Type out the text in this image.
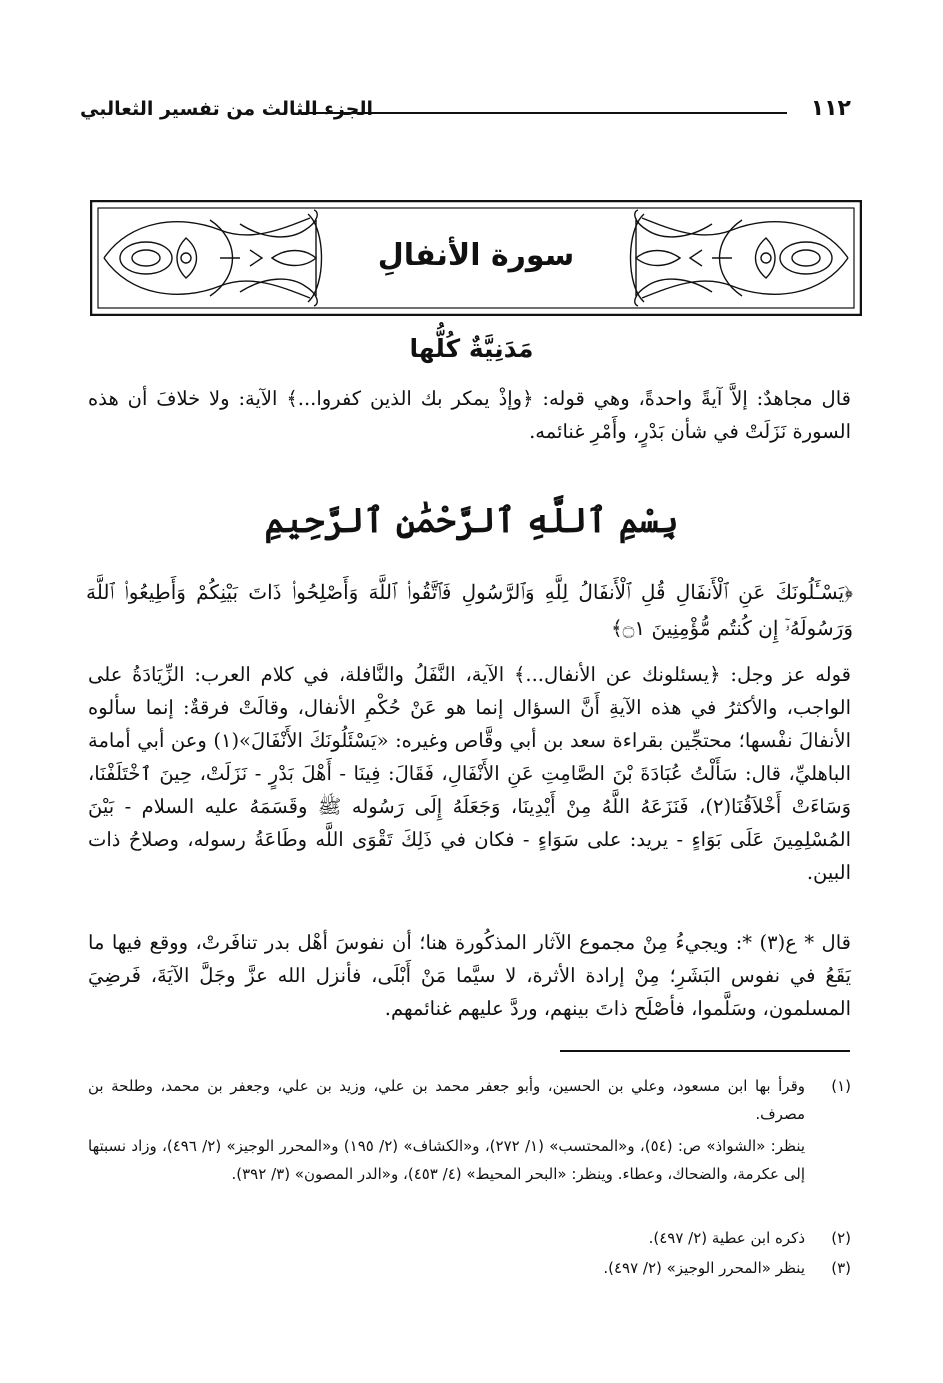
١١٢
الجزء الثالث من تفسير الثعالبي
سورة الأنفالِ
مَدَنِيَّةٌ كُلُّها

قال مجاهدٌ: إلاَّ آيةً واحدةً، وهي قوله: ﴿وإذْ يمكر بك الذين كفروا...﴾ الآية: ولا خلافَ أن هذه السورة نَزَلَتْ في شأن بَدْرٍ، وأَمْرِ غنائمه.

بِسْمِ ٱللَّهِ ٱلرَّحْمَٰنِ ٱلرَّحِيمِ

﴿يَسْـَٔلُونَكَ عَنِ ٱلْأَنفَالِ قُلِ ٱلْأَنفَالُ لِلَّهِ وَٱلرَّسُولِ فَٱتَّقُوا۟ ٱللَّهَ وَأَصْلِحُوا۟ ذَاتَ بَيْنِكُمْ وَأَطِيعُوا۟ ٱللَّهَ وَرَسُولَهُۥٓ إِن كُنتُم مُّؤْمِنِينَ ۝١﴾

قوله عز وجل: ﴿يسئلونك عن الأنفال...﴾ الآية، النَّفَلُ والنَّافلة، في كلام العرب: الزِّيَادَةُ على الواجب، والأكثرُ في هذه الآيةِ أَنَّ السؤال إنما هو عَنْ حُكْمِ الأنفال، وقالَتْ فرقةٌ: إنما سألوه الأنفالَ نفْسها؛ محتجِّين بقراءة سعد بن أبي وقَّاص وغيره: «يَسْئَلُونَكَ الأَنْفَالَ»(١) وعن أبي أمامة الباهليِّ، قال: سَأَلْتُ عُبَادَةَ بْنَ الصَّامِتِ عَنِ الأَنْفَالِ، فَقَالَ: فِينَا - أَهْلَ بَدْرٍ - نَزَلَتْ، حِينَ ٱخْتَلَفْنَا، وَسَاءَتْ أَخْلاَقُنَا(٢)، فَنَزَعَهُ اللَّهُ مِنْ أَيْدِينَا، وَجَعَلَهُ إِلَى رَسُوله ﷺ وقَسَمَهُ عليه السلام - بَيْنَ المُسْلِمِينَ عَلَى بَوَاءٍ - يريد: على سَوَاءٍ - فكان في ذَلِكَ تَقْوَى اللَّه وطَاعَةُ رسوله، وصلاحُ ذات البين.

قال * ع(٣) *: ويجيءُ مِنْ مجموع الآثار المذكُورة هنا؛ أن نفوسَ أهْل بدر تنافَرتْ، ووقع فيها ما يَقَعُ في نفوس البَشَرِ؛ مِنْ إرادة الأثرة، لا سيَّما مَنْ أَبْلَى، فأنزل الله عزَّ وجَلَّ الآيَةَ، فَرضِيَ المسلمون، وسَلَّموا، فأصْلَح ذاتَ بينهم، وردَّ عليهم غنائمهم.

(١)
وقرأ بها ابن مسعود، وعلي بن الحسين، وأبو جعفر محمد بن علي، وزيد بن علي، وجعفر بن محمد، وطلحة بن مصرف.
ينظر: «الشواذ» ص: (٥٤)، و«المحتسب» (١/ ٢٧٢)، و«الكشاف» (٢/ ١٩٥) و«المحرر الوجيز» (٢/ ٤٩٦)، وزاد نسبتها إلى عكرمة، والضحاك، وعطاء. وينظر: «البحر المحيط» (٤/ ٤٥٣)، و«الدر المصون» (٣/ ٣٩٢).
(٢)
ذكره ابن عطية (٢/ ٤٩٧).
(٣)
ينظر «المحرر الوجيز» (٢/ ٤٩٧).
